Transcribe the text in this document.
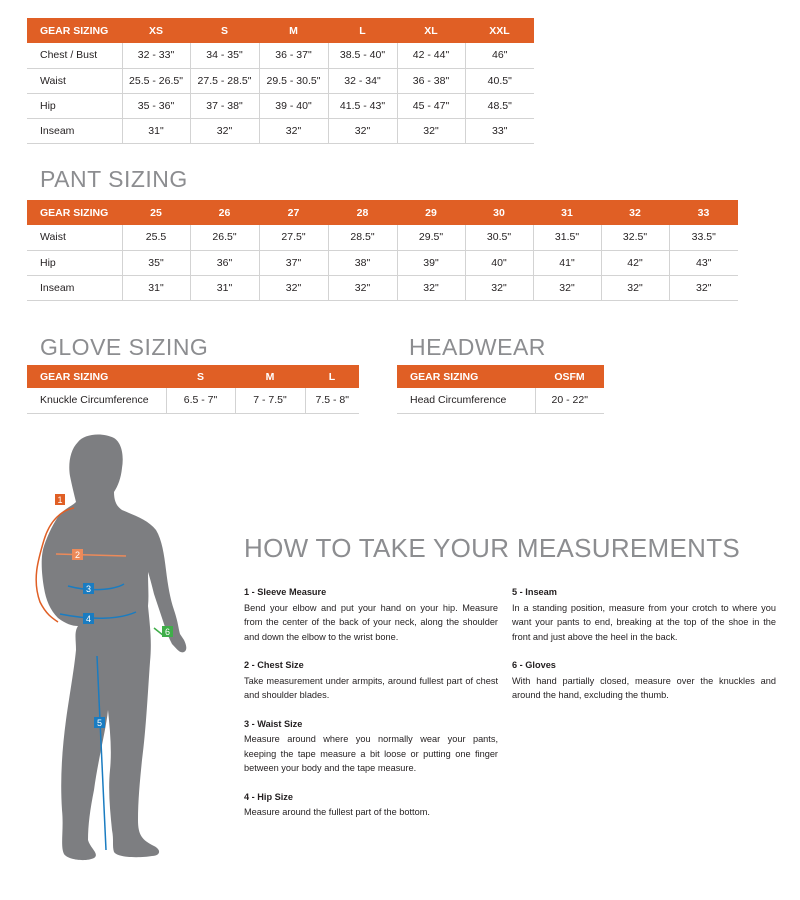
GEAR SIZING	XS	S	M	L	XL	XXL
Chest / Bust	32 - 33"	34 - 35"	36 - 37"	38.5 - 40"	42 - 44"	46"
Waist	25.5 - 26.5"	27.5 - 28.5"	29.5 - 30.5"	32 - 34"	36 - 38"	40.5"
Hip	35 - 36"	37 - 38"	39 - 40"	41.5 - 43"	45 - 47"	48.5"
Inseam	31"	32"	32"	32"	32"	33"
PANT SIZING
GEAR SIZING	25	26	27	28	29	30	31	32	33
Waist	25.5	26.5"	27.5"	28.5"	29.5"	30.5"	31.5"	32.5"	33.5"
Hip	35"	36"	37"	38"	39"	40"	41"	42"	43"
Inseam	31"	31"	32"	32"	32"	32"	32"	32"	32"
GLOVE SIZING
GEAR SIZING	S	M	L
Knuckle Circumference	6.5 - 7"	7 - 7.5"	7.5 - 8"
HEADWEAR
GEAR SIZING	OSFM
Head Circumference	20 - 22"
1
2
3
4
5
6
HOW TO TAKE YOUR MEASUREMENTS
1 - Sleeve Measure
Bend your elbow and put your hand on your hip. Measure from the center of the back of your neck, along the shoulder and down the elbow to the wrist bone.
2 - Chest Size
Take measurement under armpits, around fullest part of chest and shoulder blades.
3 - Waist Size
Measure around where you normally wear your pants, keeping the tape measure a bit loose or putting one finger between your body and the tape measure.
4 - Hip Size
Measure around the fullest part of the bottom.
5 - Inseam
In a standing position, measure from your crotch to where you want your pants to end, breaking at the top of the shoe in the front and just above the heel in the back.
6 - Gloves
With hand partially closed, measure over the knuckles and around the hand, excluding the thumb.
